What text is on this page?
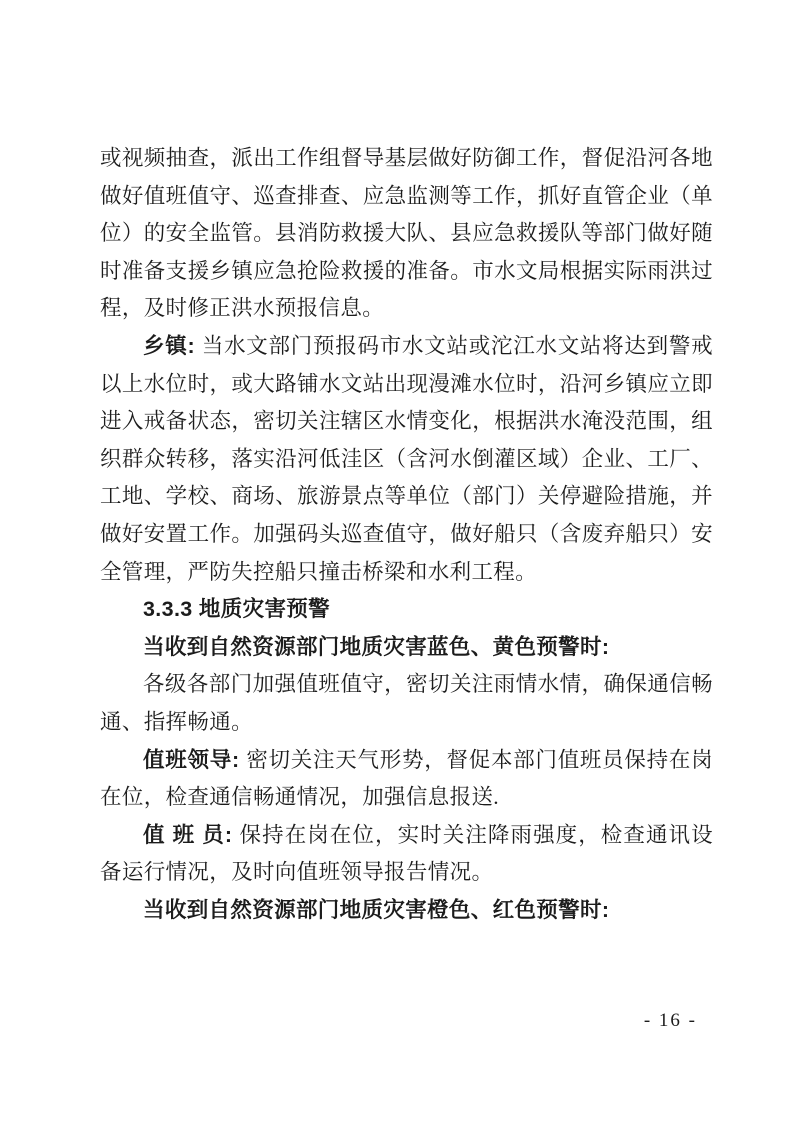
或视频抽查，派出工作组督导基层做好防御工作，督促沿河各地做好值班值守、巡查排查、应急监测等工作，抓好直管企业（单位）的安全监管。县消防救援大队、县应急救援队等部门做好随时准备支援乡镇应急抢险救援的准备。市水文局根据实际雨洪过程，及时修正洪水预报信息。

乡镇: 当水文部门预报码市水文站或沱江水文站将达到警戒以上水位时，或大路铺水文站出现漫滩水位时，沿河乡镇应立即进入戒备状态，密切关注辖区水情变化，根据洪水淹没范围，组织群众转移，落实沿河低洼区（含河水倒灌区域）企业、工厂、工地、学校、商场、旅游景点等单位（部门）关停避险措施，并做好安置工作。加强码头巡查值守，做好船只（含废弃船只）安全管理，严防失控船只撞击桥梁和水利工程。

3.3.3 地质灾害预警

当收到自然资源部门地质灾害蓝色、黄色预警时:

各级各部门加强值班值守，密切关注雨情水情，确保通信畅通、指挥畅通。

值班领导: 密切关注天气形势，督促本部门值班员保持在岗在位，检查通信畅通情况，加强信息报送.

值 班 员: 保持在岗在位，实时关注降雨强度，检查通讯设备运行情况，及时向值班领导报告情况。

当收到自然资源部门地质灾害橙色、红色预警时:

- 16 -
